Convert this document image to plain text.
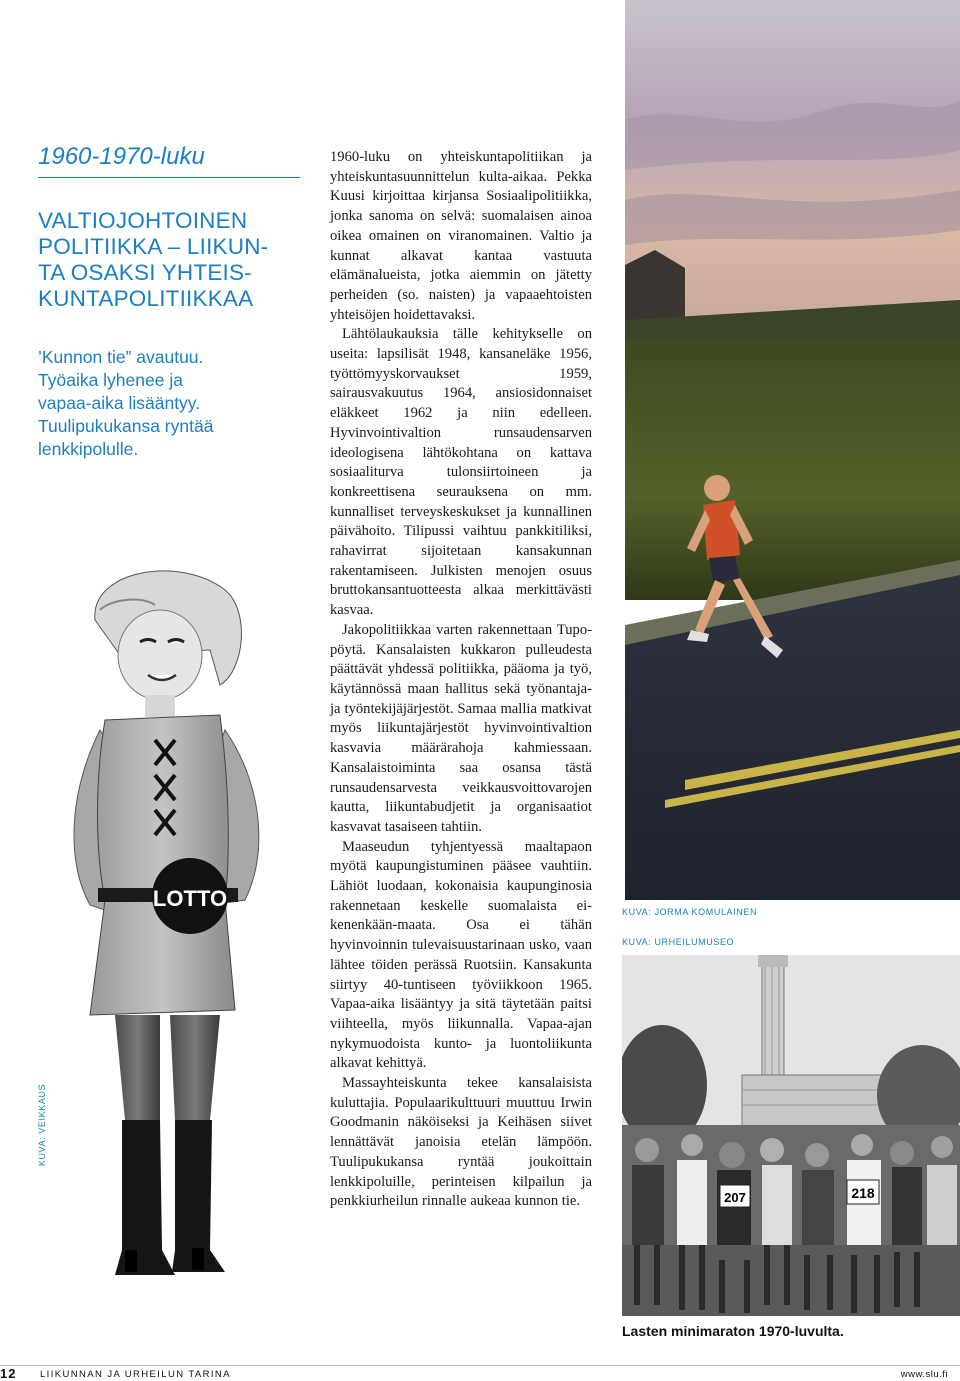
1960-1970-luku
VALTIOJOHTOINEN
POLITIIKKA – LIIKUN-
TA OSAKSI YHTEIS-
KUNTAPOLITIIKKAA
’Kunnon tie” avautuu.
Työaika lyhenee ja
vapaa-aika lisääntyy.
Tuulipukukansa ryntää
lenkkipolulle.
KUVA: VEIKKAUS
LOTTO

1960-luku on yhteiskuntapolitiikan ja yhteiskuntasuunnittelun kulta-aikaa. Pekka Kuusi kirjoittaa kirjansa Sosiaalipolitiikka, jonka sanoma on selvä: suomalaisen ainoa oikea omainen on viranomainen. Valtio ja kunnat alkavat kantaa vastuuta elämänalueista, jotka aiemmin on jätetty perheiden (so. naisten) ja vapaaehtoisten yhteisöjen hoidettavaksi.

Lähtölaukauksia tälle kehitykselle on useita: lapsilisät 1948, kansaneläke 1956, työttömyyskorvaukset 1959, sairausvakuutus 1964, ansiosidonnaiset eläkkeet 1962 ja niin edelleen. Hyvinvointivaltion runsaudensarven ideologisena lähtökohtana on kattava sosiaaliturva tulonsiirtoineen ja konkreettisena seurauksena on mm. kunnalliset terveyskeskukset ja kunnallinen päivähoito. Tilipussi vaihtuu pankkitiliksi, rahavirrat sijoitetaan kansakunnan rakentamiseen. Julkisten menojen osuus bruttokansantuotteesta alkaa merkittävästi kasvaa.

Jakopolitiikkaa varten rakennettaan Tupo-pöytä. Kansalaisten kukkaron pulleudesta päättävät yhdessä politiikka, pääoma ja työ, käytännössä maan hallitus sekä työnantaja- ja työntekijäjärjestöt. Samaa mallia matkivat myös liikuntajärjestöt hyvinvointivaltion kasvavia määrärahoja kahmiessaan. Kansalaistoiminta saa osansa tästä runsaudensarvesta veikkausvoittovarojen kautta, liikuntabudjetit ja organisaatiot kasvavat tasaiseen tahtiin.

Maaseudun tyhjentyessä maaltapaon myötä kaupungistuminen pääsee vauhtiin. Lähiöt luodaan, kokonaisia kaupunginosia rakennetaan keskelle suomalaista ei-kenenkään-maata. Osa ei tähän hyvinvoinnin tulevaisuustarinaan usko, vaan lähtee töiden perässä Ruotsiin. Kansakunta siirtyy 40-tuntiseen työviikkoon 1965. Vapaa-aika lisääntyy ja sitä täytetään paitsi viihteella, myös liikunnalla. Vapaa-ajan nykymuodoista kunto- ja luontoliikunta alkavat kehittyä.

Massayhteiskunta tekee kansalaisista kuluttajia. Populaarikulttuuri muuttuu Irwin Goodmanin näköiseksi ja Keihäsen siivet lennättävät janoisia etelän lämpöön. Tuulipukukansa ryntää joukoittain lenkkipoluille, perinteisen kilpailun ja penkkiurheilun rinnalle aukeaa kunnon tie.

KUVA: JORMA KOMULAINEN
KUVA: URHEILUMUSEO
207	218
Lasten minimaraton 1970-luvulta.
12 LIIKUNNAN JA URHEILUN TARINA	www.slu.fi
